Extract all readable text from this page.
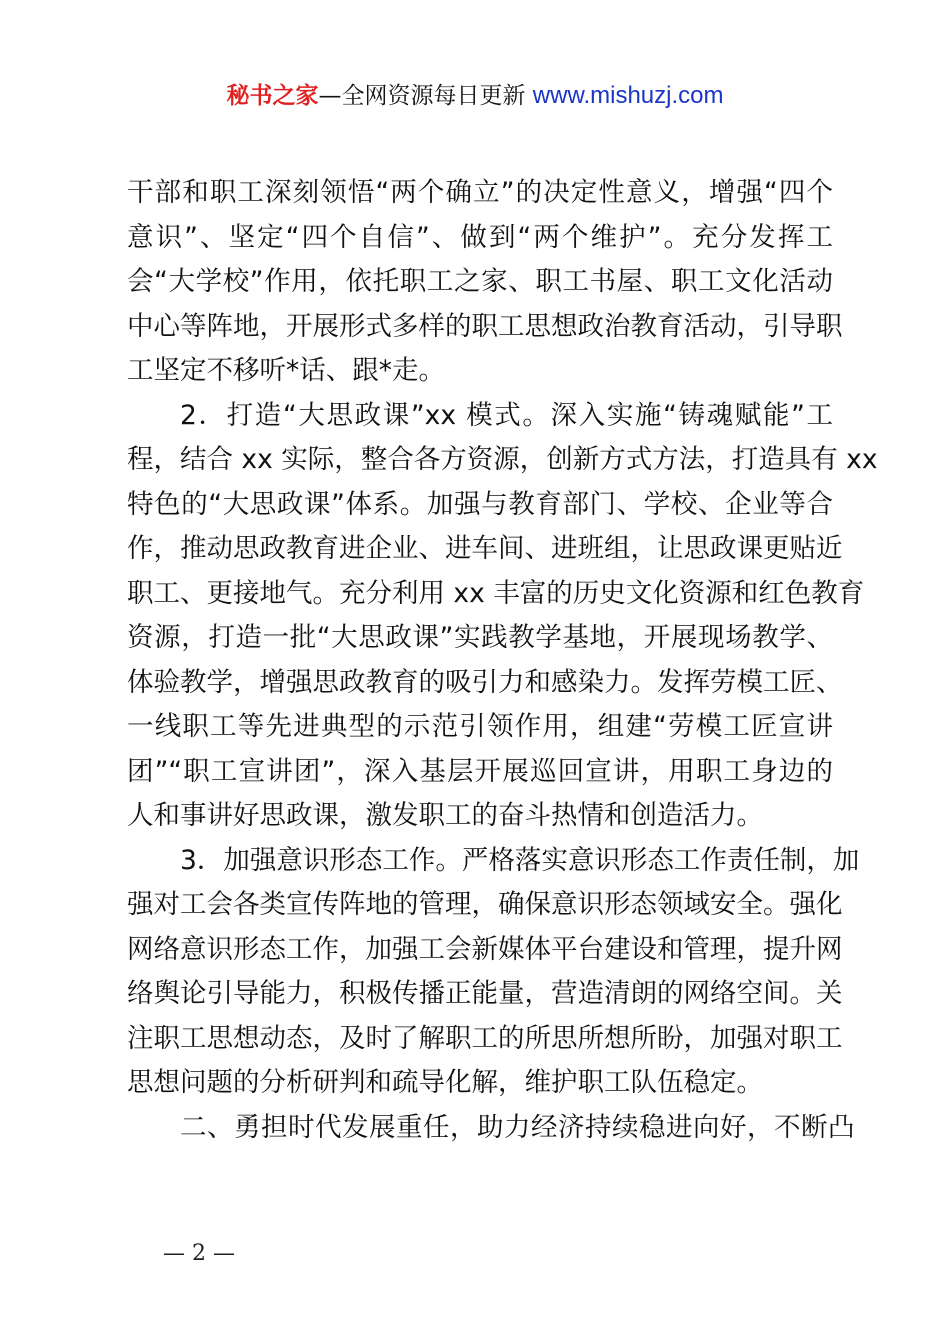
秘书之家—全网资源每日更新 www.mishuzj.com
干部和职工深刻领悟“两个确立”的决定性意义，增强“四个
意识”、坚定“四个自信”、做到“两个维护”。充分发挥工
会“大学校”作用，依托职工之家、职工书屋、职工文化活动
中心等阵地，开展形式多样的职工思想政治教育活动，引导职
工坚定不移听*话、跟*走。
2．打造“大思政课”xx 模式。深入实施“铸魂赋能”工
程，结合 xx 实际，整合各方资源，创新方式方法，打造具有 xx
特色的“大思政课”体系。加强与教育部门、学校、企业等合
作，推动思政教育进企业、进车间、进班组，让思政课更贴近
职工、更接地气。充分利用 xx 丰富的历史文化资源和红色教育
资源，打造一批“大思政课”实践教学基地，开展现场教学、
体验教学，增强思政教育的吸引力和感染力。发挥劳模工匠、
一线职工等先进典型的示范引领作用，组建“劳模工匠宣讲
团”“职工宣讲团”，深入基层开展巡回宣讲，用职工身边的
人和事讲好思政课，激发职工的奋斗热情和创造活力。
3．加强意识形态工作。严格落实意识形态工作责任制，加
强对工会各类宣传阵地的管理，确保意识形态领域安全。强化
网络意识形态工作，加强工会新媒体平台建设和管理，提升网
络舆论引导能力，积极传播正能量，营造清朗的网络空间。关
注职工思想动态，及时了解职工的所思所想所盼，加强对职工
思想问题的分析研判和疏导化解，维护职工队伍稳定。
二、勇担时代发展重任，助力经济持续稳进向好，不断凸
— 2 —
